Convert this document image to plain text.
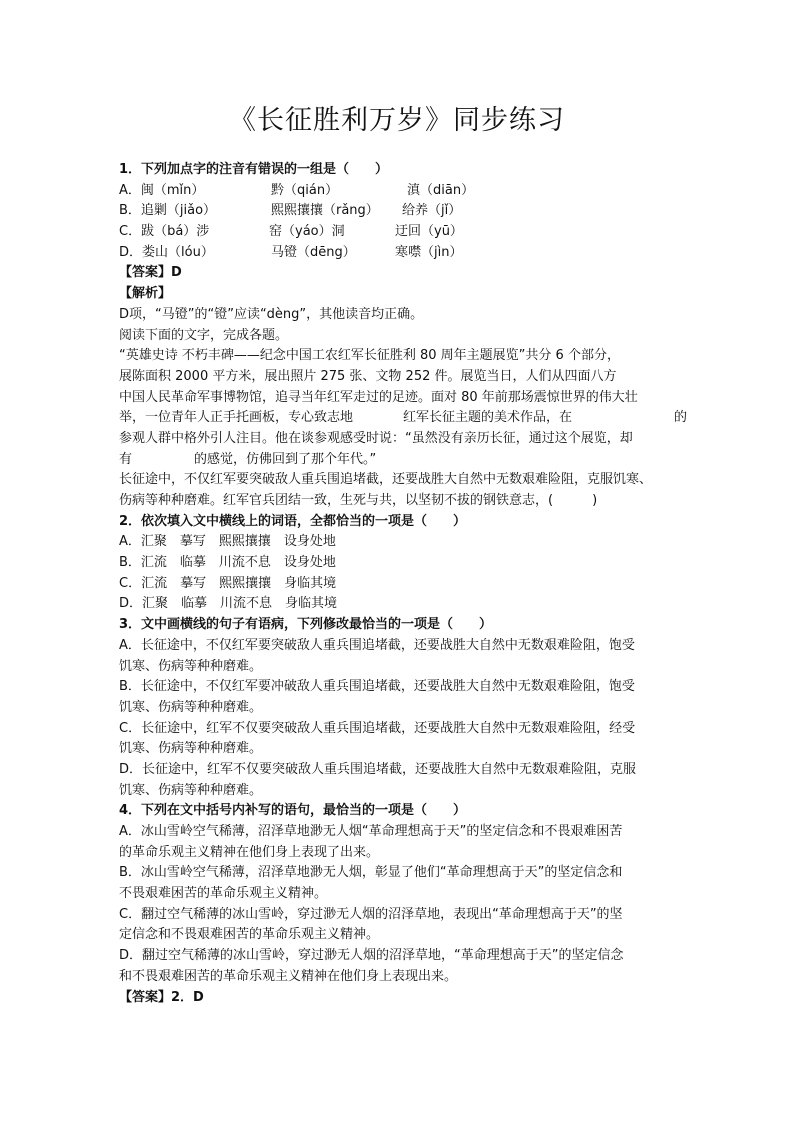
《长征胜利万岁》同步练习
1．下列加点字的注音有错误的一组是（　　）
A．闽（mǐn）	黔（qián）	滇（diān）
B．追剿（jiǎo）	熙熙攘攘（rǎng） 给养（jǐ）
C．跋（bá）涉	窑（yáo）洞	迂回（yū）
D．娄山（lóu）	马镫（dēng）	寒噤（jìn）
【答案】D
【解析】
D项，“马镫”的“镫”应读“dèng”，其他读音均正确。
阅读下面的文字，完成各题。
“英雄史诗 不朽丰碑——纪念中国工农红军长征胜利 80 周年主题展览”共分 6 个部分，
展陈面积 2000 平方米，展出照片 275 张、文物 252 件。展览当日，人们从四面八方
中国人民革命军事博物馆，追寻当年红军走过的足迹。面对 80 年前那场震惊世界的伟大壮
举，一位青年人正手托画板，专心致志地	红军长征主题的美术作品，在	的
参观人群中格外引人注目。他在谈参观感受时说：“虽然没有亲历长征，通过这个展览，却
有	的感觉，仿佛回到了那个年代。”
长征途中，不仅红军要突破敌人重兵围追堵截，还要战胜大自然中无数艰难险阻，克服饥寒、
伤病等种种磨难。红军官兵团结一致，生死与共，以坚韧不拔的钢铁意志，(　　　)
2．依次填入文中横线上的词语，全都恰当的一项是（　　）
A．汇聚　摹写　熙熙攘攘　设身处地
B．汇流　临摹　川流不息　设身处地
C．汇流　摹写　熙熙攘攘　身临其境
D．汇聚　临摹　川流不息　身临其境
3．文中画横线的句子有语病，下列修改最恰当的一项是（　　）
A．长征途中，不仅红军要突破敌人重兵围追堵截，还要战胜大自然中无数艰难险阻，饱受
饥寒、伤病等种种磨难。
B．长征途中，不仅红军要冲破敌人重兵围追堵截，还要战胜大自然中无数艰难险阻，饱受
饥寒、伤病等种种磨难。
C．长征途中，红军不仅要突破敌人重兵围追堵截，还要战胜大自然中无数艰难险阻，经受
饥寒、伤病等种种磨难。
D．长征途中，红军不仅要突破敌人重兵围追堵截，还要战胜大自然中无数艰难险阻，克服
饥寒、伤病等种种磨难。
4．下列在文中括号内补写的语句，最恰当的一项是（　　）
A．冰山雪岭空气稀薄，沼泽草地渺无人烟“革命理想高于天”的坚定信念和不畏艰难困苦
的革命乐观主义精神在他们身上表现了出来。
B．冰山雪岭空气稀薄，沼泽草地渺无人烟，彰显了他们“革命理想高于天”的坚定信念和
不畏艰难困苦的革命乐观主义精神。
C．翻过空气稀薄的冰山雪岭，穿过渺无人烟的沼泽草地，表现出“革命理想高于天”的坚
定信念和不畏艰难困苦的革命乐观主义精神。
D．翻过空气稀薄的冰山雪岭，穿过渺无人烟的沼泽草地，“革命理想高于天”的坚定信念
和不畏艰难困苦的革命乐观主义精神在他们身上表现出来。
【答案】2．D
